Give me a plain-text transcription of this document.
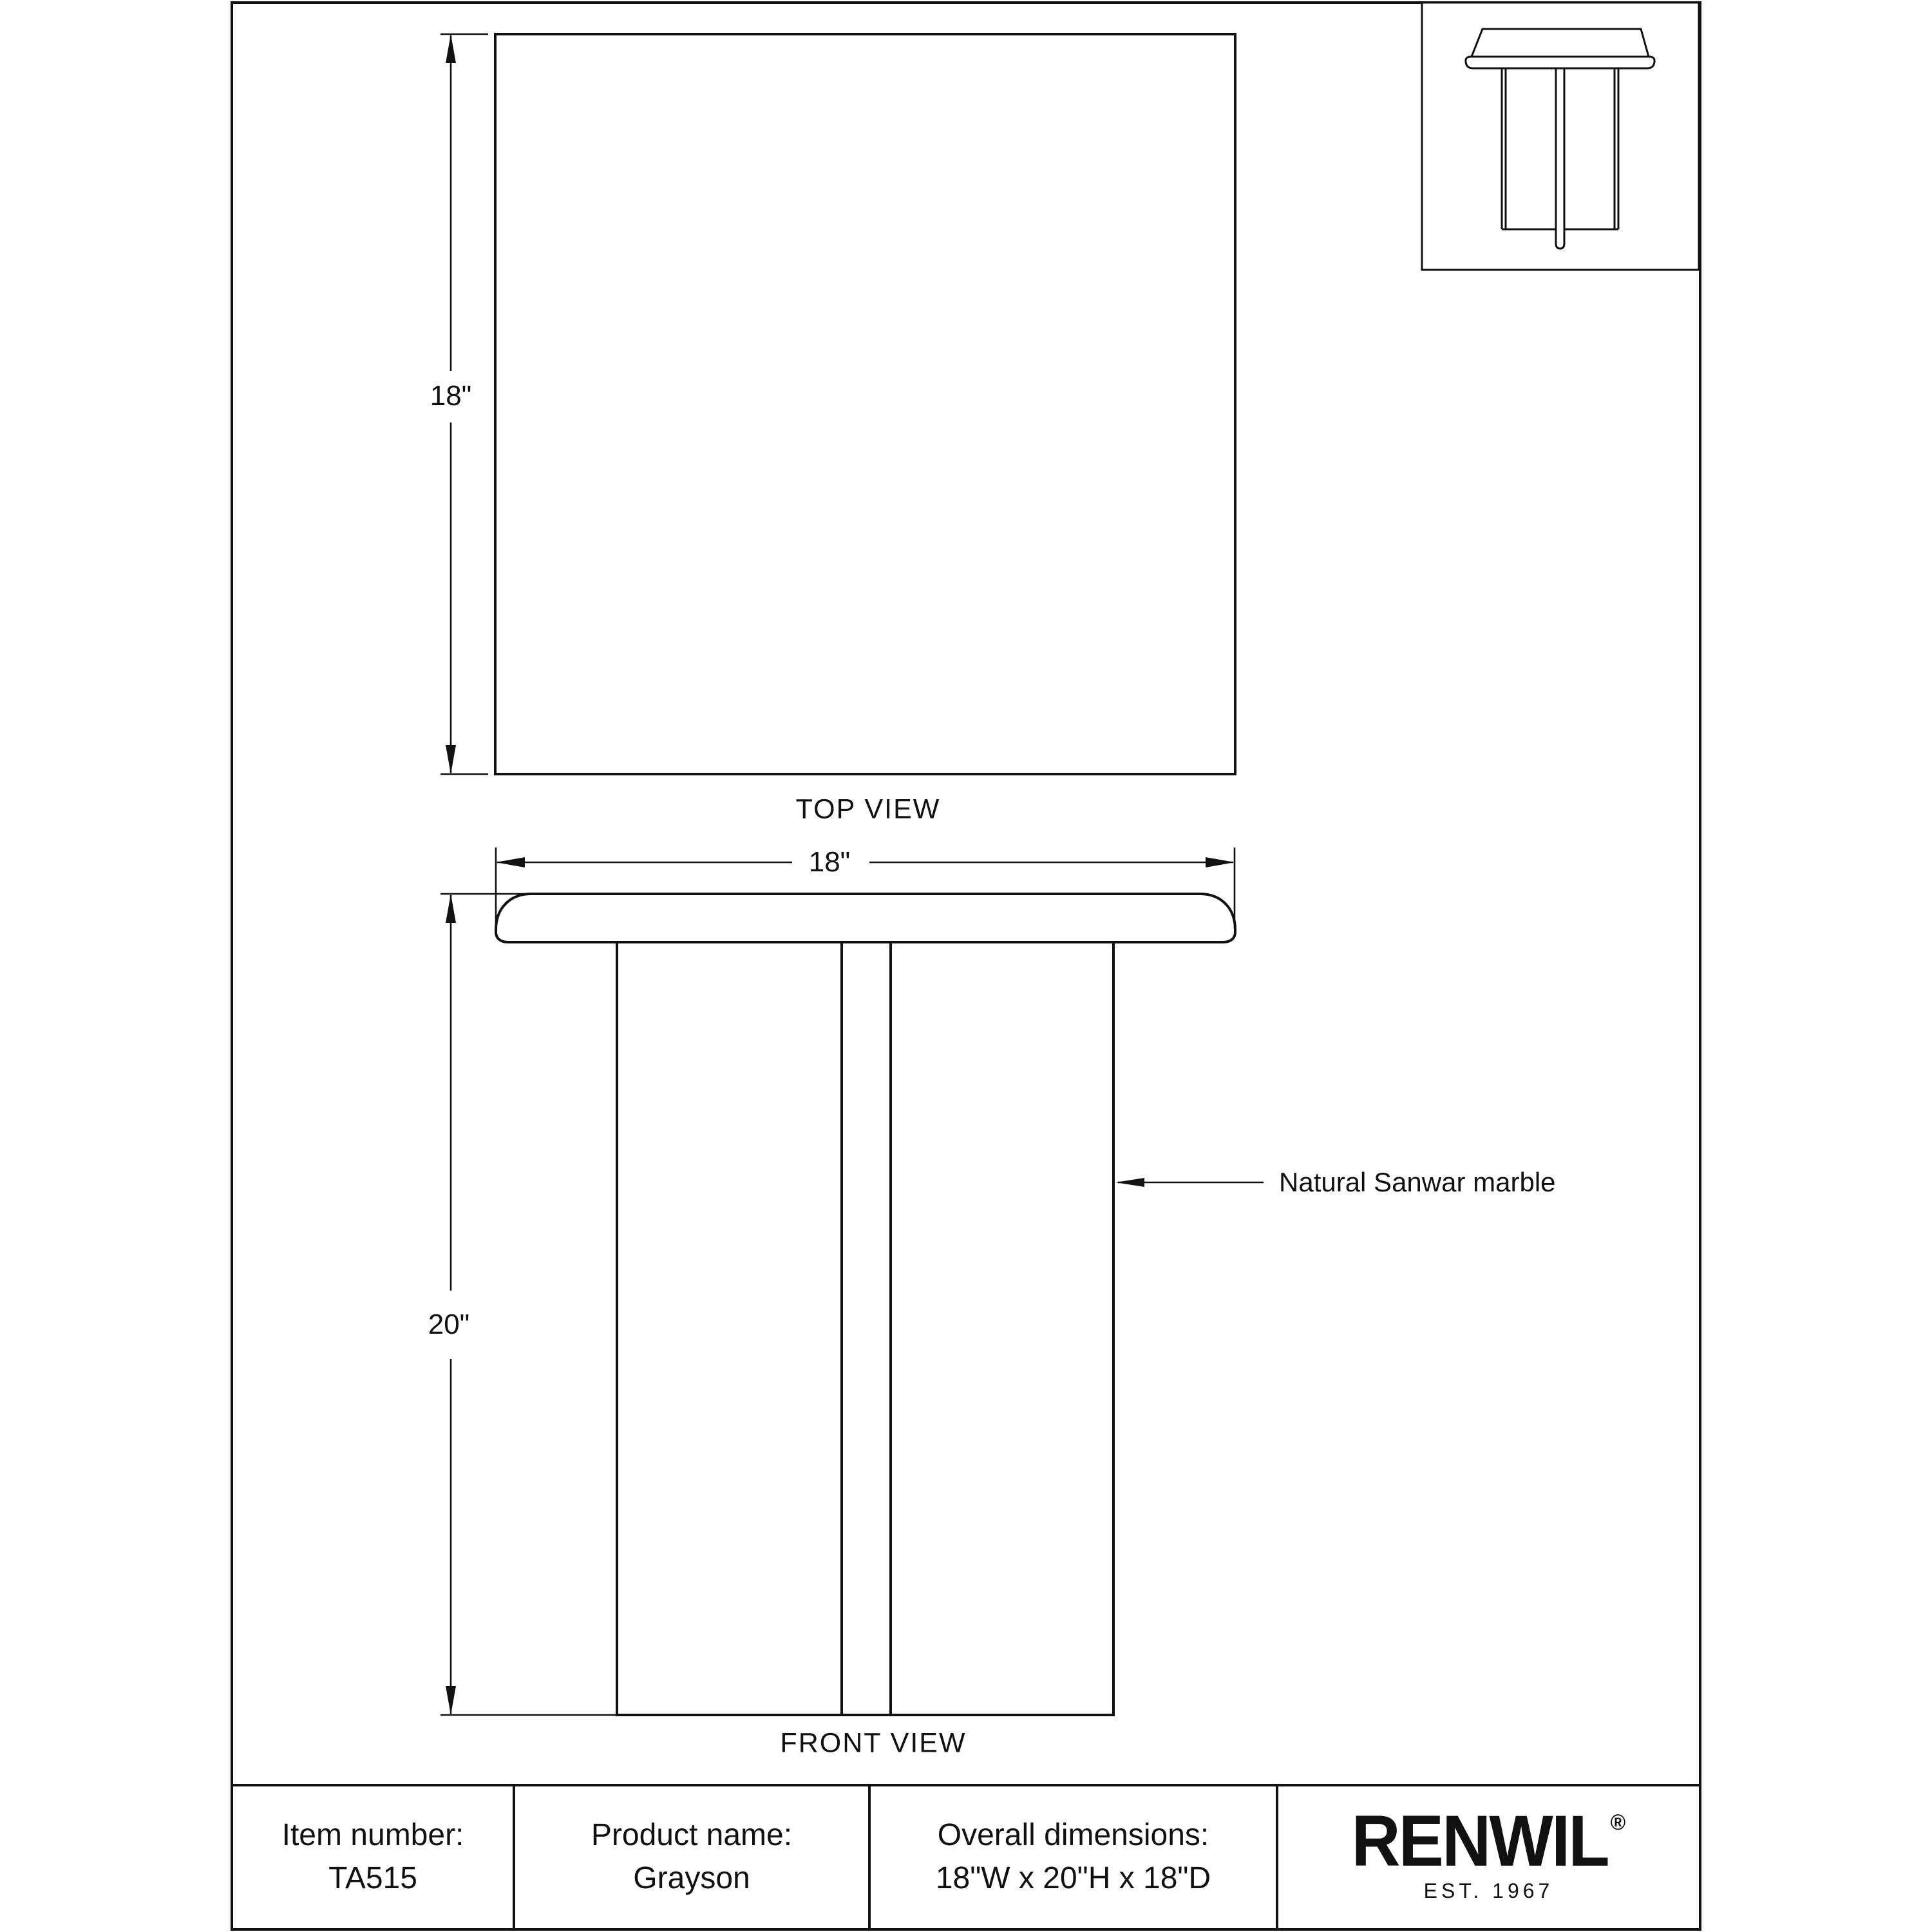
18"
TOP VIEW
18"
20"
Natural Sanwar marble
FRONT VIEW
Item number:
TA515
Product name:
Grayson
Overall dimensions:
18"W x 20"H x 18"D RENWIL ®
EST. 1967
